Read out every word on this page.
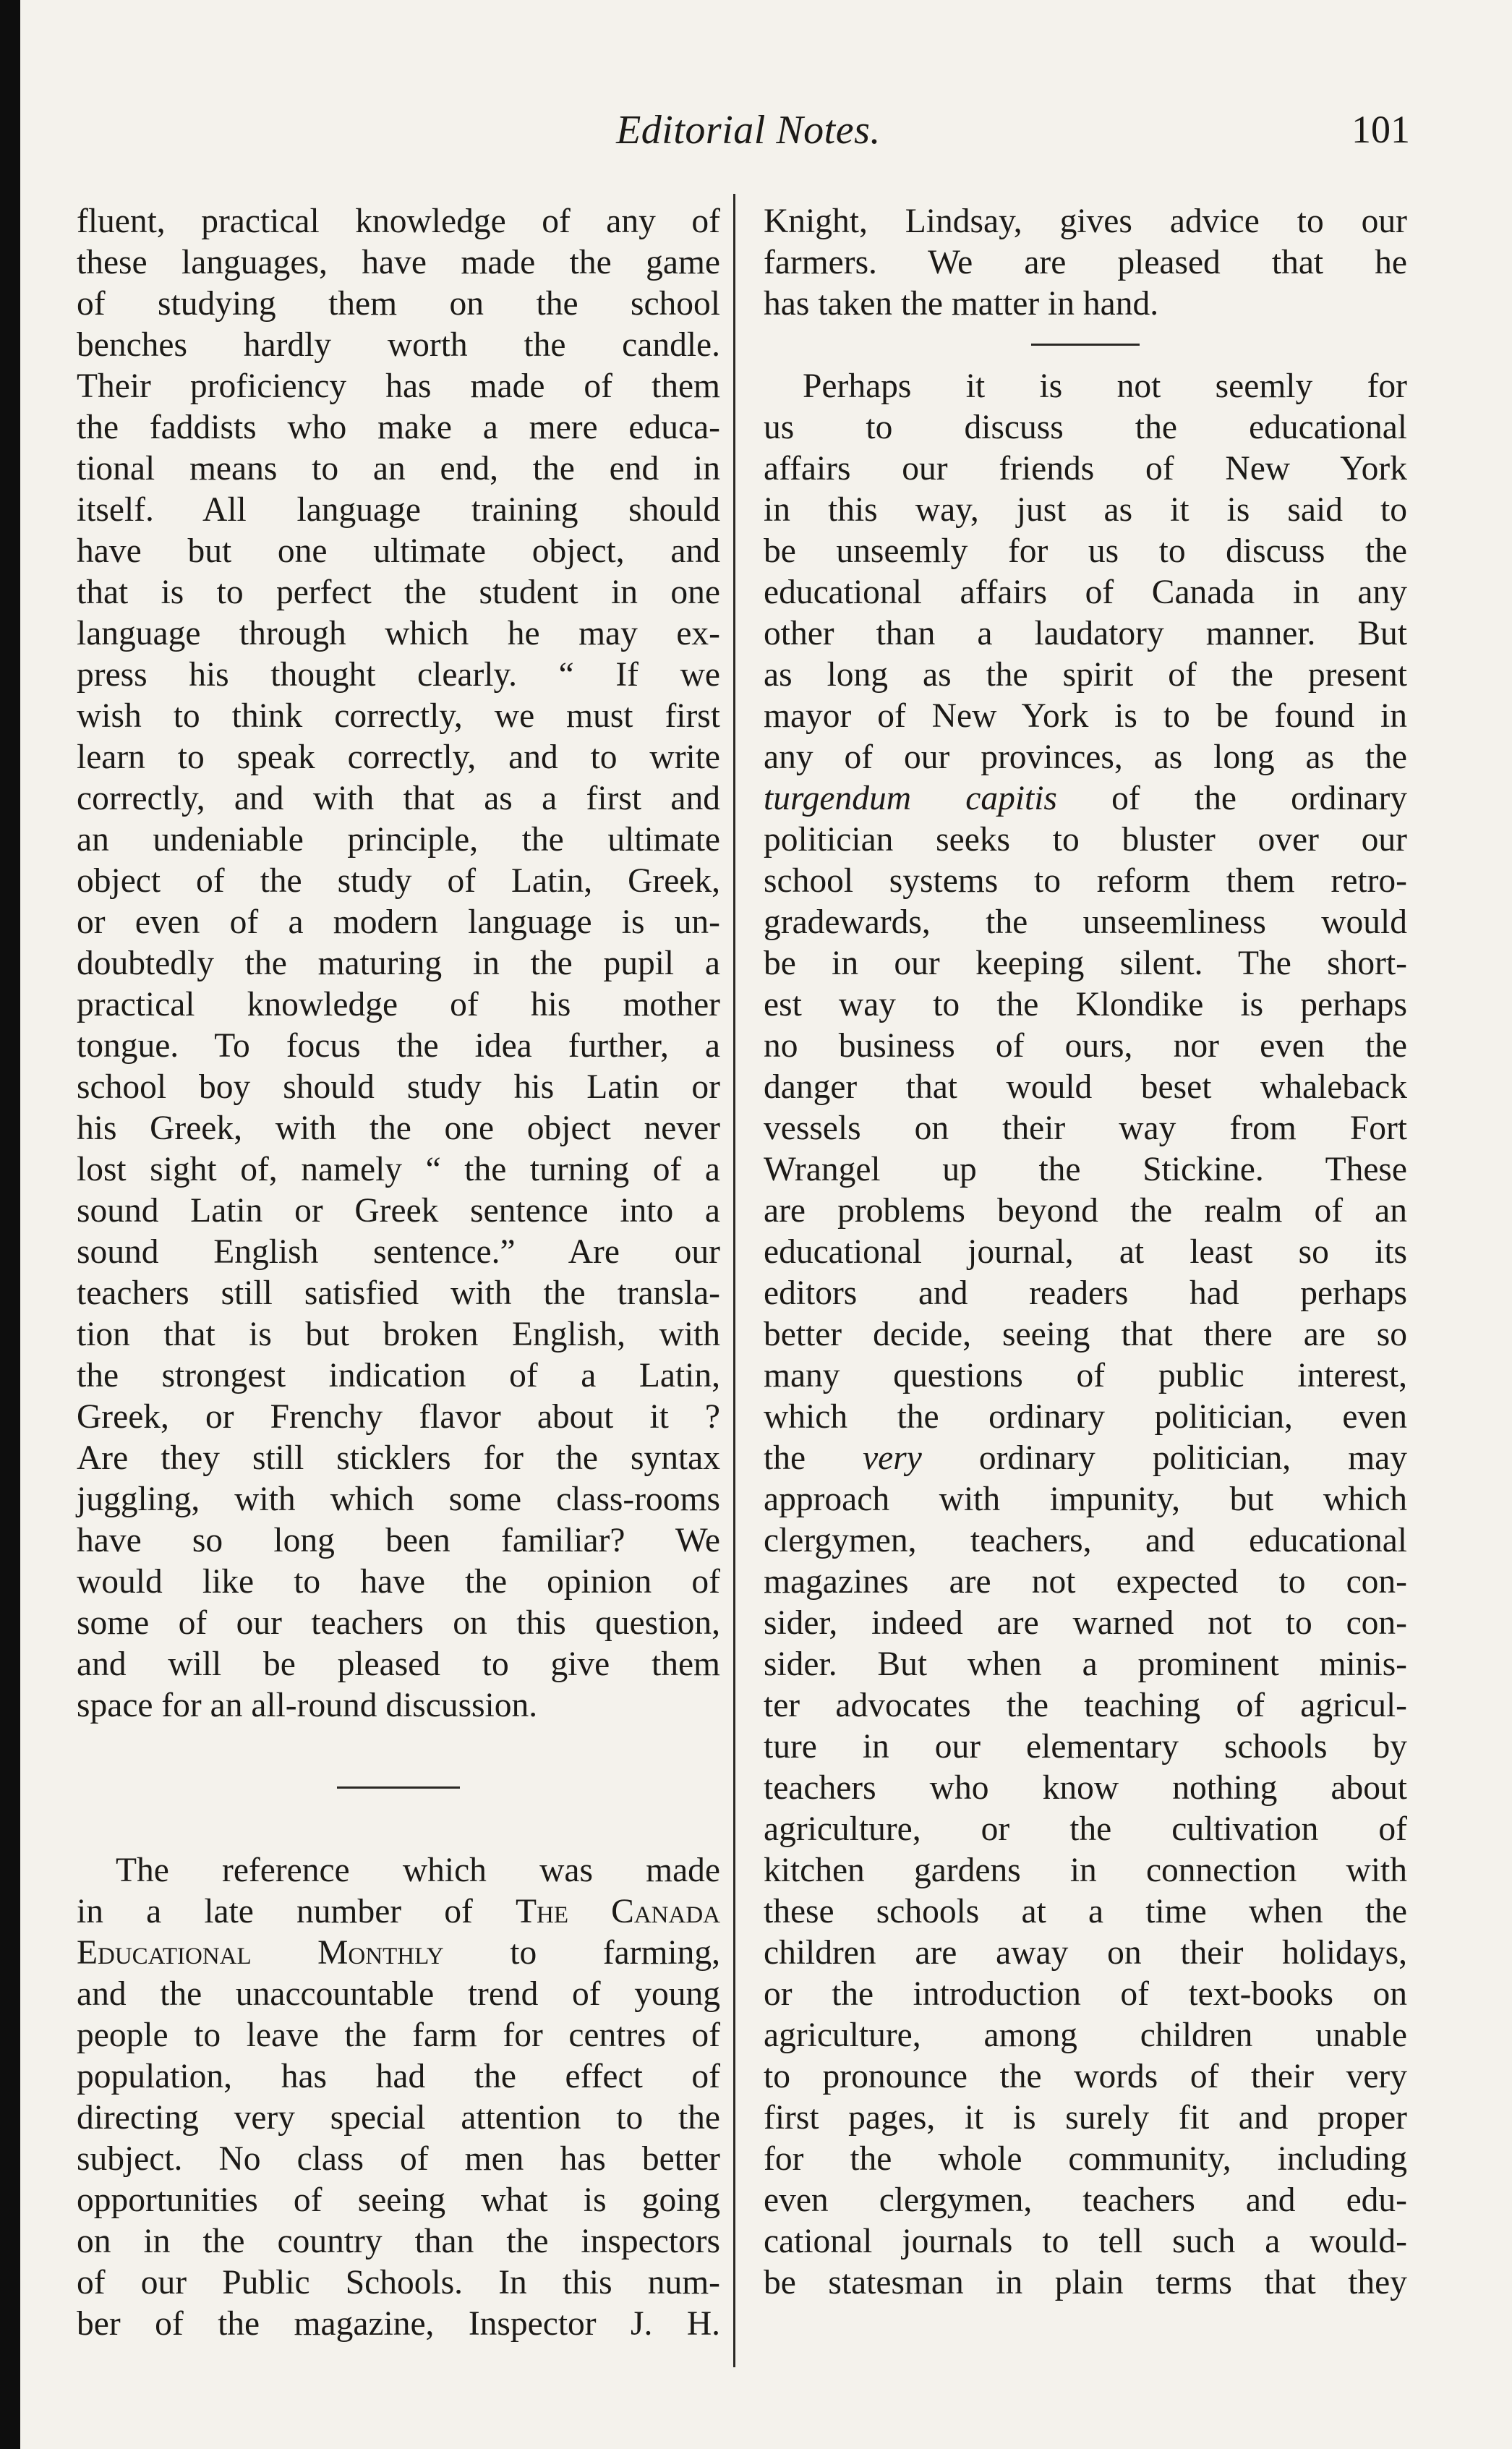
Editorial Notes.	101
fluent, practical knowledge of any of
these languages, have made the game
of studying them on the school
benches hardly worth the candle.
Their proficiency has made of them
the faddists who make a mere educa-
tional means to an end, the end in
itself. All language training should
have but one ultimate object, and
that is to perfect the student in one
language through which he may ex-
press his thought clearly. “ If we
wish to think correctly, we must first
learn to speak correctly, and to write
correctly, and with that as a first and
an undeniable principle, the ultimate
object of the study of Latin, Greek,
or even of a modern language is un-
doubtedly the maturing in the pupil a
practical knowledge of his mother
tongue. To focus the idea further, a
school boy should study his Latin or
his Greek, with the one object never
lost sight of, namely “ the turning of a
sound Latin or Greek sentence into a
sound English sentence.” Are our
teachers still satisfied with the transla-
tion that is but broken English, with
the strongest indication of a Latin,
Greek, or Frenchy flavor about it ?
Are they still sticklers for the syntax
juggling, with which some class-rooms
have so long been familiar? We
would like to have the opinion of
some of our teachers on this question,
and will be pleased to give them
space for an all-round discussion.
The reference which was made
in a late number of The Canada
Educational Monthly to farming,
and the unaccountable trend of young
people to leave the farm for centres of
population, has had the effect of
directing very special attention to the
subject. No class of men has better
opportunities of seeing what is going
on in the country than the inspectors
of our Public Schools. In this num-
ber of the magazine, Inspector J. H.
Knight, Lindsay, gives advice to our
farmers. We are pleased that he
has taken the matter in hand.
Perhaps it is not seemly for
us to discuss the educational
affairs our friends of New York
in this way, just as it is said to
be unseemly for us to discuss the
educational affairs of Canada in any
other than a laudatory manner. But
as long as the spirit of the present
mayor of New York is to be found in
any of our provinces, as long as the
turgendum capitis of the ordinary
politician seeks to bluster over our
school systems to reform them retro-
gradewards, the unseemliness would
be in our keeping silent. The short-
est way to the Klondike is perhaps
no business of ours, nor even the
danger that would beset whaleback
vessels on their way from Fort
Wrangel up the Stickine. These
are problems beyond the realm of an
educational journal, at least so its
editors and readers had perhaps
better decide, seeing that there are so
many questions of public interest,
which the ordinary politician, even
the very ordinary politician, may
approach with impunity, but which
clergymen, teachers, and educational
magazines are not expected to con-
sider, indeed are warned not to con-
sider. But when a prominent minis-
ter advocates the teaching of agricul-
ture in our elementary schools by
teachers who know nothing about
agriculture, or the cultivation of
kitchen gardens in connection with
these schools at a time when the
children are away on their holidays,
or the introduction of text-books on
agriculture, among children unable
to pronounce the words of their very
first pages, it is surely fit and proper
for the whole community, including
even clergymen, teachers and edu-
cational journals to tell such a would-
be statesman in plain terms that they
